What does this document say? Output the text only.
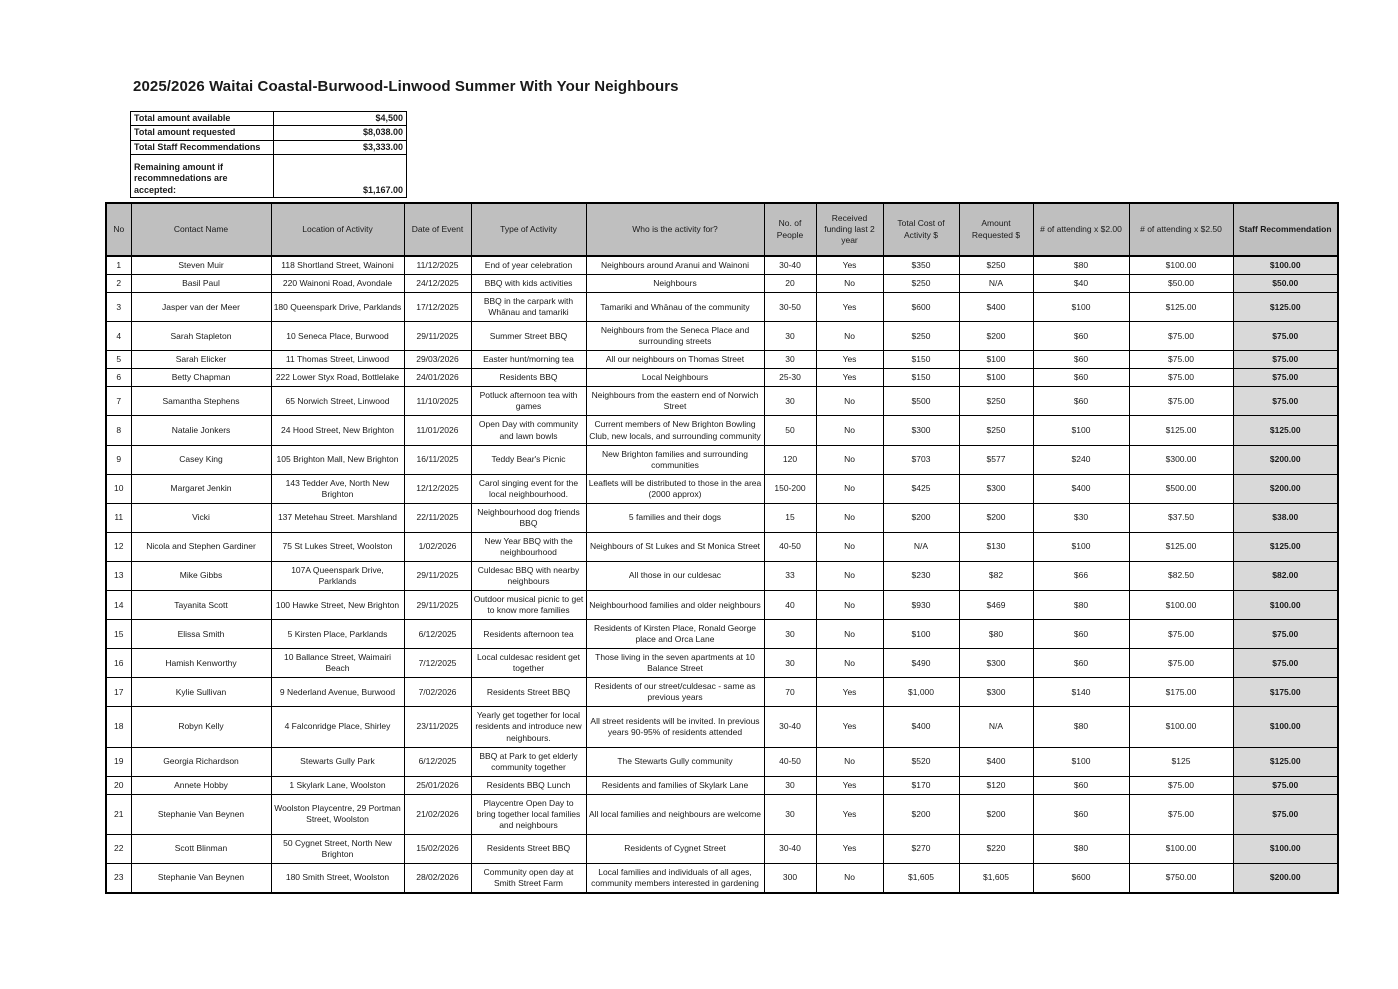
2025/2026 Waitai Coastal-Burwood-Linwood Summer With Your Neighbours
Total amount available	$4,500
Total amount requested	$8,038.00
Total Staff Recommendations	$3,333.00
Remaining amount if recommnedations are accepted:	$1,167.00
No	Contact Name	Location of Activity	Date of Event	Type of Activity	Who is the activity for?	No. of People	Received funding last 2 year	Total Cost of Activity $	Amount Requested $	# of attending x $2.00	# of attending x $2.50	Staff Recommendation
1	Steven Muir	118 Shortland Street, Wainoni	11/12/2025	End of year celebration	Neighbours around Aranui and Wainoni	30-40	Yes	$350	$250	$80	$100.00	$100.00
2	Basil Paul	220 Wainoni Road, Avondale	24/12/2025	BBQ with kids activities	Neighbours	20	No	$250	N/A	$40	$50.00	$50.00
3	Jasper van der Meer	180 Queenspark Drive, Parklands	17/12/2025	BBQ in the carpark with Whānau and tamariki	Tamariki and Whānau of the community	30-50	Yes	$600	$400	$100	$125.00	$125.00
4	Sarah Stapleton	10 Seneca Place, Burwood	29/11/2025	Summer Street BBQ	Neighbours from the Seneca Place and surrounding streets	30	No	$250	$200	$60	$75.00	$75.00
5	Sarah Elicker	11 Thomas Street, Linwood	29/03/2026	Easter hunt/morning tea	All our neighbours on Thomas Street	30	Yes	$150	$100	$60	$75.00	$75.00
6	Betty Chapman	222 Lower Styx Road, Bottlelake	24/01/2026	Residents BBQ	Local Neighbours	25-30	Yes	$150	$100	$60	$75.00	$75.00
7	Samantha Stephens	65 Norwich Street, Linwood	11/10/2025	Potluck afternoon tea with games	Neighbours from the eastern end of Norwich Street	30	No	$500	$250	$60	$75.00	$75.00
8	Natalie Jonkers	24 Hood Street, New Brighton	11/01/2026	Open Day with community and lawn bowls	Current members of New Brighton Bowling Club, new locals, and surrounding community	50	No	$300	$250	$100	$125.00	$125.00
9	Casey King	105 Brighton Mall, New Brighton	16/11/2025	Teddy Bear's Picnic	New Brighton families and surrounding communities	120	No	$703	$577	$240	$300.00	$200.00
10	Margaret Jenkin	143 Tedder Ave, North New Brighton	12/12/2025	Carol singing event for the local neighbourhood.	Leaflets will be distributed to those in the area (2000 approx)	150-200	No	$425	$300	$400	$500.00	$200.00
11	Vicki	137 Metehau Street. Marshland	22/11/2025	Neighbourhood dog friends BBQ	5 families and their dogs	15	No	$200	$200	$30	$37.50	$38.00
12	Nicola and Stephen Gardiner	75 St Lukes Street, Woolston	1/02/2026	New Year BBQ with the neighbourhood	Neighbours of St Lukes and St Monica Street	40-50	No	N/A	$130	$100	$125.00	$125.00
13	Mike Gibbs	107A Queenspark Drive, Parklands	29/11/2025	Culdesac BBQ with nearby neighbours	All those in our culdesac	33	No	$230	$82	$66	$82.50	$82.00
14	Tayanita Scott	100 Hawke Street, New Brighton	29/11/2025	Outdoor musical picnic to get to know more families	Neighbourhood families and older neighbours	40	No	$930	$469	$80	$100.00	$100.00
15	Elissa Smith	5 Kirsten Place, Parklands	6/12/2025	Residents afternoon tea	Residents of Kirsten Place, Ronald George place and Orca Lane	30	No	$100	$80	$60	$75.00	$75.00
16	Hamish Kenworthy	10 Ballance Street, Waimairi Beach	7/12/2025	Local culdesac resident get together	Those living in the seven apartments at 10 Balance Street	30	No	$490	$300	$60	$75.00	$75.00
17	Kylie Sullivan	9 Nederland Avenue, Burwood	7/02/2026	Residents Street BBQ	Residents of our street/culdesac - same as previous years	70	Yes	$1,000	$300	$140	$175.00	$175.00
18	Robyn Kelly	4 Falconridge Place, Shirley	23/11/2025	Yearly get together for local residents and introduce new neighbours.	All street residents will be invited. In previous years 90-95% of residents attended	30-40	Yes	$400	N/A	$80	$100.00	$100.00
19	Georgia Richardson	Stewarts Gully Park	6/12/2025	BBQ at Park to get elderly community together	The Stewarts Gully community	40-50	No	$520	$400	$100	$125	$125.00
20	Annete Hobby	1 Skylark Lane, Woolston	25/01/2026	Residents BBQ Lunch	Residents and families of Skylark Lane	30	Yes	$170	$120	$60	$75.00	$75.00
21	Stephanie Van Beynen	Woolston Playcentre, 29 Portman Street, Woolston	21/02/2026	Playcentre Open Day to bring together local families and neighbours	All local families and neighbours are welcome	30	Yes	$200	$200	$60	$75.00	$75.00
22	Scott Blinman	50 Cygnet Street, North New Brighton	15/02/2026	Residents Street BBQ	Residents of Cygnet Street	30-40	Yes	$270	$220	$80	$100.00	$100.00
23	Stephanie Van Beynen	180 Smith Street, Woolston	28/02/2026	Community open day at Smith Street Farm	Local families and individuals of all ages, community members interested in gardening	300	No	$1,605	$1,605	$600	$750.00	$200.00
